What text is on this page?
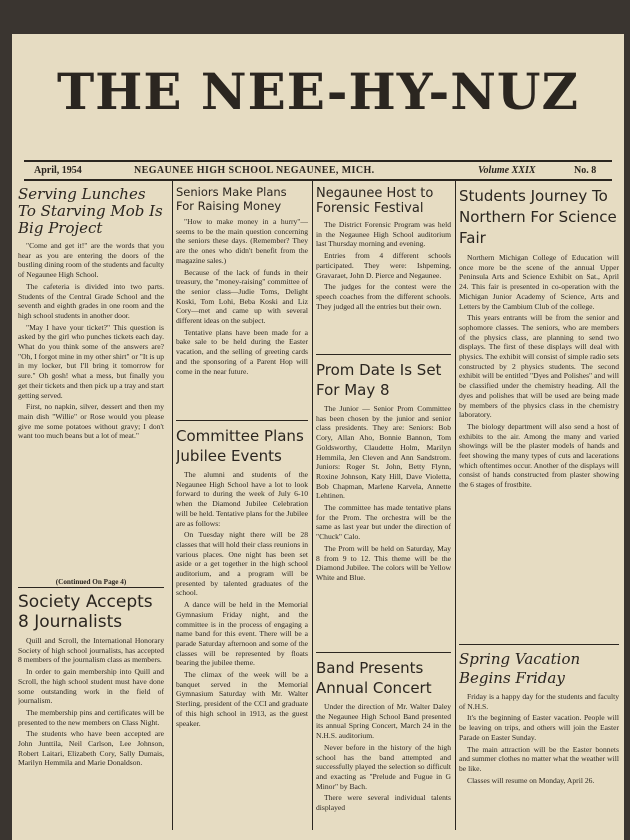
THE NEE-HY-NUZ
April, 1954	NEGAUNEE HIGH SCHOOL NEGAUNEE, MICH.	Volume XXIX	No. 8
Serving Lunches To Starving Mob Is Big Project

"Come and get it!" are the words that you hear as you are entering the doors of the bustling dining room of the students and faculty of Negaunee High School.

The cafeteria is divided into two parts. Students of the Central Grade School and the seventh and eighth grades in one room and the high school students in another door.

"May I have your ticket?" This question is asked by the girl who punches tickets each day. What do you think some of the answers are? "Oh, I forgot mine in my other shirt" or "It is up in my locker, but I'll bring it tomorrow for sure." Oh gosh! what a mess, but finally you get their tickets and then pick up a tray and start getting served.

First, no napkin, silver, dessert and then my main dish "Willie" or Rose would you please give me some potatoes without gravy; I don't want too much beans but a lot of meat."

(Continued On Page 4)
Society Accepts 8 Journalists

Quill and Scroll, the International Honorary Society of high school journalists, has accepted 8 members of the journalism class as members.

In order to gain membership into Quill and Scroll, the high school student must have done some outstanding work in the field of journalism.

The membership pins and certificates will be presented to the new members on Class Night.

The students who have been accepted are John Junttila, Neil Carlson, Lee Johnson, Robert Laitari, Elizabeth Cory, Sally Dumais, Marilyn Hemmila and Marie Donaldson.

Seniors Make Plans For Raising Money

"How to make money in a hurry"—seems to be the main question concerning the seniors these days. (Remember? They are the ones who didn't benefit from the magazine sales.)

Because of the lack of funds in their treasury, the "money-raising" committee of the senior class—Judie Toms, Delight Koski, Tom Lohi, Beba Koski and Liz Cory—met and came up with several different ideas on the subject.

Tentative plans have been made for a bake sale to be held during the Easter vacation, and the selling of greeting cards and the sponsoring of a Parent Hop will come in the near future.

Committee Plans Jubilee Events

The alumni and students of the Negaunee High School have a lot to look forward to during the week of July 6-10 when the Diamond Jubilee Celebration will be held. Tentative plans for the Jubilee are as follows:

On Tuesday night there will be 28 classes that will hold their class reunions in various places. One night has been set aside or a get together in the high school auditorium, and a program will be presented by talented graduates of the school.

A dance will be held in the Memorial Gymnasium Friday night, and the committee is in the process of engaging a name band for this event. There will be a parade Saturday afternoon and some of the classes will be represented by floats bearing the jubilee theme.

The climax of the week will be a banquet served in the Memorial Gymnasium Saturday with Mr. Walter Sterling, president of the CCI and graduate of this high school in 1913, as the guest speaker.

Negaunee Host to Forensic Festival

The District Forensic Program was held in the Negaunee High School auditorium last Thursday morning and evening.

Entries from 4 different schools participated. They were: Ishpeming, Gravaraet, John D. Pierce and Negaunee.

The judges for the contest were the speech coaches from the different schools. They judged all the entries but their own.

Prom Date Is Set For May 8

The Junior — Senior Prom Committee has been chosen by the junior and senior class presidents. They are: Seniors: Bob Cory, Allan Aho, Bonnie Bannon, Tom Goldsworthy, Claudette Holm, Marilyn Hemmila, Jen Cleven and Ann Sandstrom. Juniors: Roger St. John, Betty Flynn, Roxine Johnson, Katy Hill, Dave Violetta, Bob Chapman, Marlene Karvela, Annette Lehtinen.

The committee has made tentative plans for the Prom. The orchestra will be the same as last year but under the direction of "Chuck" Calo.

The Prom will be held on Saturday, May 8 from 9 to 12. This theme will be the Diamond Jubilee. The colors will be Yellow White and Blue.

Band Presents Annual Concert

Under the direction of Mr. Walter Daley the Negaunee High School Band presented its annual Spring Concert, March 24 in the N.H.S. auditorium.

Never before in the history of the high school has the band attempted and successfully played the selection so difficult and exacting as "Prelude and Fugue in G Minor" by Bach.

There were several individual talents displayed

Students Journey To Northern For Science Fair

Northern Michigan College of Education will once more be the scene of the annual Upper Peninsula Arts and Science Exhibit on Sat., April 24. This fair is presented in co-operation with the Michigan Junior Academy of Science, Arts and Letters by the Cambium Club of the college.

This years entrants will be from the senior and sophomore classes. The seniors, who are members of the physics class, are planning to send two displays. The first of these displays will deal with physics. The exhibit will consist of simple radio sets constructed by 2 physics students. The second exhibit will be entitled "Dyes and Polishes" and will be classified under the chemistry heading. All the dyes and polishes that will be used are being made by members of the physics class in the chemistry laboratory.

The biology department will also send a host of exhibits to the air. Among the many and varied showings will be the plaster models of hands and feet showing the many types of cuts and lacerations which oftentimes occur. Another of the displays will consist of hands constructed from plaster showing the 6 stages of frostbite.

Spring Vacation Begins Friday

Friday is a happy day for the students and faculty of N.H.S.

It's the beginning of Easter vacation. People will be leaving on trips, and others will join the Easter Parade on Easter Sunday.

The main attraction will be the Easter bonnets and summer clothes no matter what the weather will be like.

Classes will resume on Monday, April 26.
